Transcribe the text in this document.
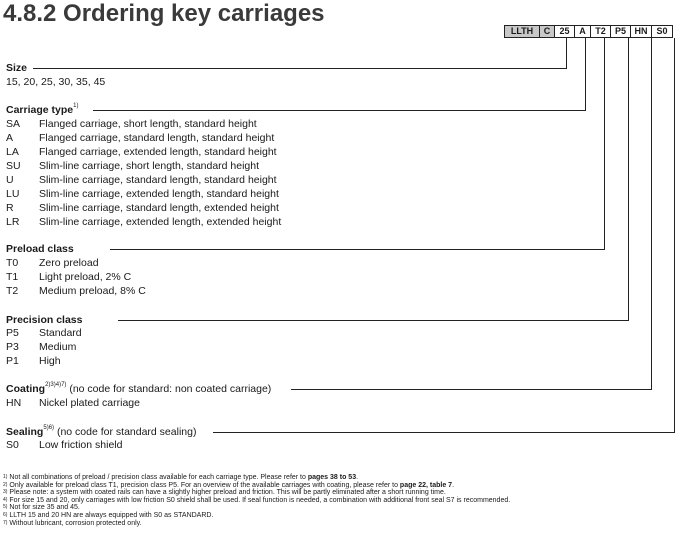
4.8.2 Ordering key carriages
LLTH	C	25	A	T2	P5 HN S0
Size
15, 20, 25, 30, 35, 45
Carriage type$^{1)}$
SA Flanged carriage, short length, standard height
A Flanged carriage, standard length, standard height
LA Flanged carriage, extended length, standard height
SU Slim-line carriage, short length, standard height
U Slim-line carriage, standard length, standard height
LU Slim-line carriage, extended length, standard height
R Slim-line carriage, standard length, extended height
LR Slim-line carriage, extended length, extended height
Preload class
T0 Zero preload
T1 Light preload, 2% C
T2 Medium preload, 8% C
Precision class
P5 Standard
P3 Medium
P1 High
Coating$^{2)3)4)7)}$ (no code for standard: non coated carriage)
HN Nickel plated carriage
Sealing$^{5)6)}$ (no code for standard sealing)
S0 Low friction shield
$^{1)}$ Not all combinations of preload / precision class available for each carriage type. Please refer to pages 38 to 53.
$^{2)}$ Only available for preload class T1, precision class P5. For an overview of the available carriages with coating, please refer to page 22, table 7.
$^{3)}$ Please note: a system with coated rails can have a slightly higher preload and friction. This will be partly eliminated after a short running time.
$^{4)}$ For size 15 and 20, only carriages with low friction S0 shield shall be used. If seal function is needed, a combination with additional front seal S7 is recommended.
$^{5)}$ Not for size 35 and 45.
$^{6)}$ LLTH 15 and 20 HN are always equipped with S0 as STANDARD.
$^{7)}$ Without lubricant, corrosion protected only.
